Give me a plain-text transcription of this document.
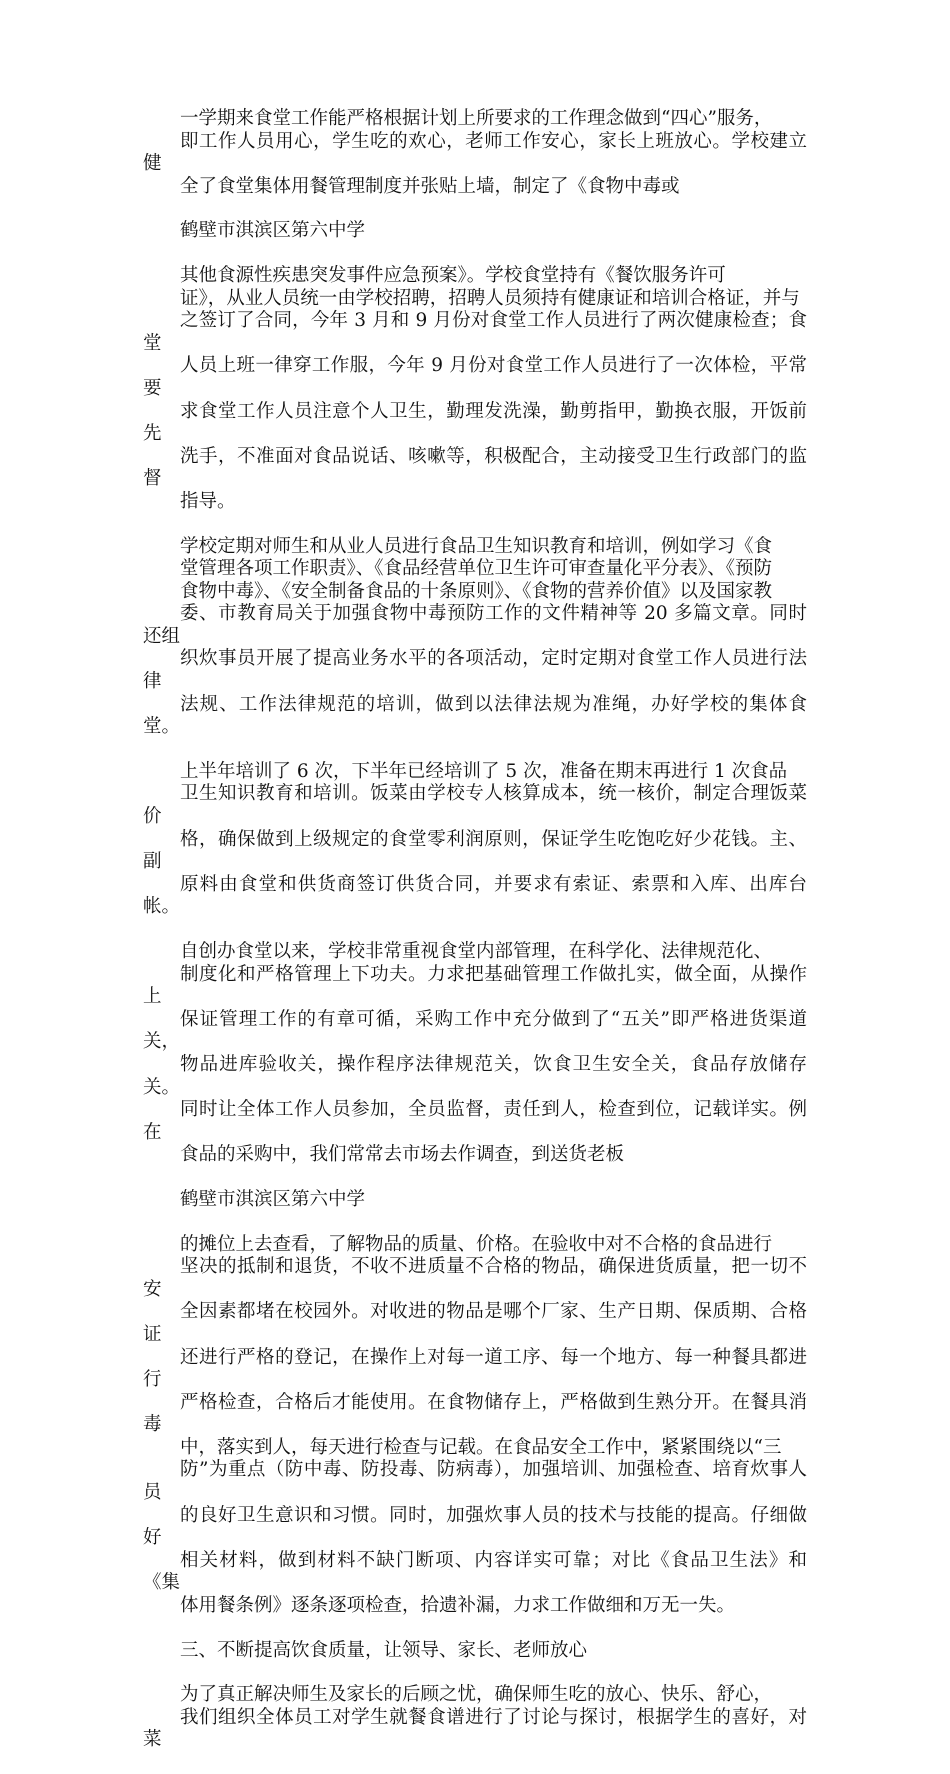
一学期来食堂工作能严格根据计划上所要求的工作理念做到“四心”服务，
即工作人员用心，学生吃的欢心，老师工作安心，家长上班放心。学校建立健
全了食堂集体用餐管理制度并张贴上墙，制定了《食物中毒或
鹤壁市淇滨区第六中学
其他食源性疾患突发事件应急预案》。学校食堂持有《餐饮服务许可
证》，从业人员统一由学校招聘，招聘人员须持有健康证和培训合格证，并与
之签订了合同，今年 3 月和 9 月份对食堂工作人员进行了两次健康检查；食堂
人员上班一律穿工作服，今年 9 月份对食堂工作人员进行了一次体检，平常要
求食堂工作人员注意个人卫生，勤理发洗澡，勤剪指甲，勤换衣服，开饭前先
洗手，不准面对食品说话、咳嗽等，积极配合，主动接受卫生行政部门的监督
指导。
学校定期对师生和从业人员进行食品卫生知识教育和培训，例如学习《食
堂管理各项工作职责》、《食品经营单位卫生许可审查量化平分表》、《预防
食物中毒》、《安全制备食品的十条原则》、《食物的营养价值》以及国家教
委、市教育局关于加强食物中毒预防工作的文件精神等 20 多篇文章。同时还组
织炊事员开展了提高业务水平的各项活动，定时定期对食堂工作人员进行法律
法规、工作法律规范的培训，做到以法律法规为准绳，办好学校的集体食堂。
上半年培训了 6 次，下半年已经培训了 5 次，准备在期末再进行 1 次食品
卫生知识教育和培训。饭菜由学校专人核算成本，统一核价，制定合理饭菜价
格，确保做到上级规定的食堂零利润原则，保证学生吃饱吃好少花钱。主、副
原料由食堂和供货商签订供货合同，并要求有索证、索票和入库、出库台帐。
自创办食堂以来，学校非常重视食堂内部管理，在科学化、法律规范化、
制度化和严格管理上下功夫。力求把基础管理工作做扎实，做全面，从操作上
保证管理工作的有章可循，采购工作中充分做到了“五关”即严格进货渠道关，
物品进库验收关，操作程序法律规范关，饮食卫生安全关，食品存放储存关。
同时让全体工作人员参加，全员监督，责任到人，检查到位，记载详实。例在
食品的采购中，我们常常去市场去作调查，到送货老板
鹤壁市淇滨区第六中学
的摊位上去查看，了解物品的质量、价格。在验收中对不合格的食品进行
坚决的抵制和退货，不收不进质量不合格的物品，确保进货质量，把一切不安
全因素都堵在校园外。对收进的物品是哪个厂家、生产日期、保质期、合格证
还进行严格的登记，在操作上对每一道工序、每一个地方、每一种餐具都进行
严格检查，合格后才能使用。在食物储存上，严格做到生熟分开。在餐具消毒
中，落实到人，每天进行检查与记载。在食品安全工作中，紧紧围绕以“三
防”为重点（防中毒、防投毒、防病毒），加强培训、加强检查、培育炊事人员
的良好卫生意识和习惯。同时，加强炊事人员的技术与技能的提高。仔细做好
相关材料，做到材料不缺门断项、内容详实可靠；对比《食品卫生法》和《集
体用餐条例》逐条逐项检查，拾遗补漏，力求工作做细和万无一失。
三、不断提高饮食质量，让领导、家长、老师放心
为了真正解决师生及家长的后顾之忧，确保师生吃的放心、快乐、舒心，
我们组织全体员工对学生就餐食谱进行了讨论与探讨，根据学生的喜好，对菜
